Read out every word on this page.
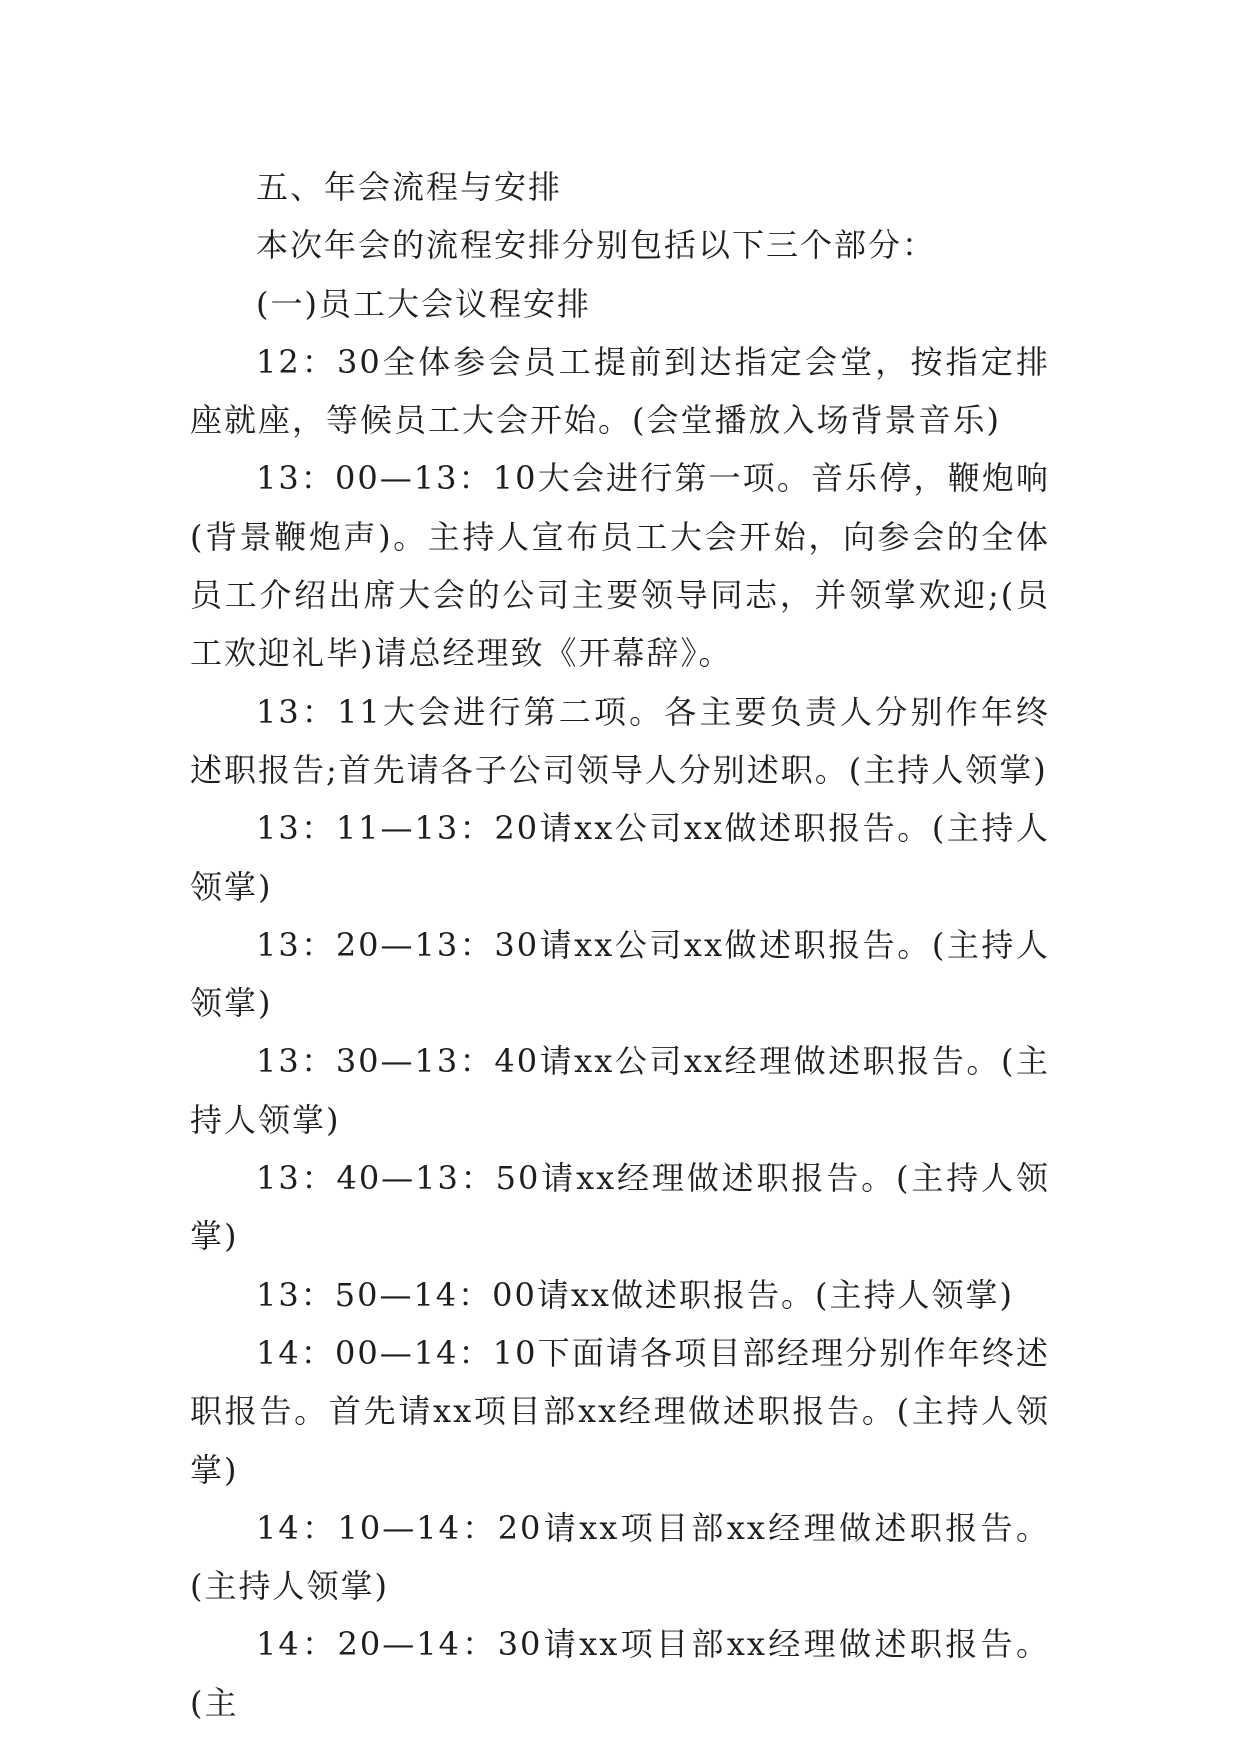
五、年会流程与安排

本次年会的流程安排分别包括以下三个部分：

(一)员工大会议程安排

12：30全体参会员工提前到达指定会堂，按指定排座就座，等候员工大会开始。(会堂播放入场背景音乐)

13：00—13：10大会进行第一项。音乐停，鞭炮响(背景鞭炮声)。主持人宣布员工大会开始，向参会的全体员工介绍出席大会的公司主要领导同志，并领掌欢迎;(员工欢迎礼毕)请总经理致《开幕辞》。

13：11大会进行第二项。各主要负责人分别作年终述职报告;首先请各子公司领导人分别述职。(主持人领掌)

13：11—13：20请xx公司xx做述职报告。(主持人领掌)

13：20—13：30请xx公司xx做述职报告。(主持人领掌)

13：30—13：40请xx公司xx经理做述职报告。(主持人领掌)

13：40—13：50请xx经理做述职报告。(主持人领掌)

13：50—14：00请xx做述职报告。(主持人领掌)

14：00—14：10下面请各项目部经理分别作年终述职报告。首先请xx项目部xx经理做述职报告。(主持人领掌)

14：10—14：20请xx项目部xx经理做述职报告。(主持人领掌)

14：20—14：30请xx项目部xx经理做述职报告。(主
